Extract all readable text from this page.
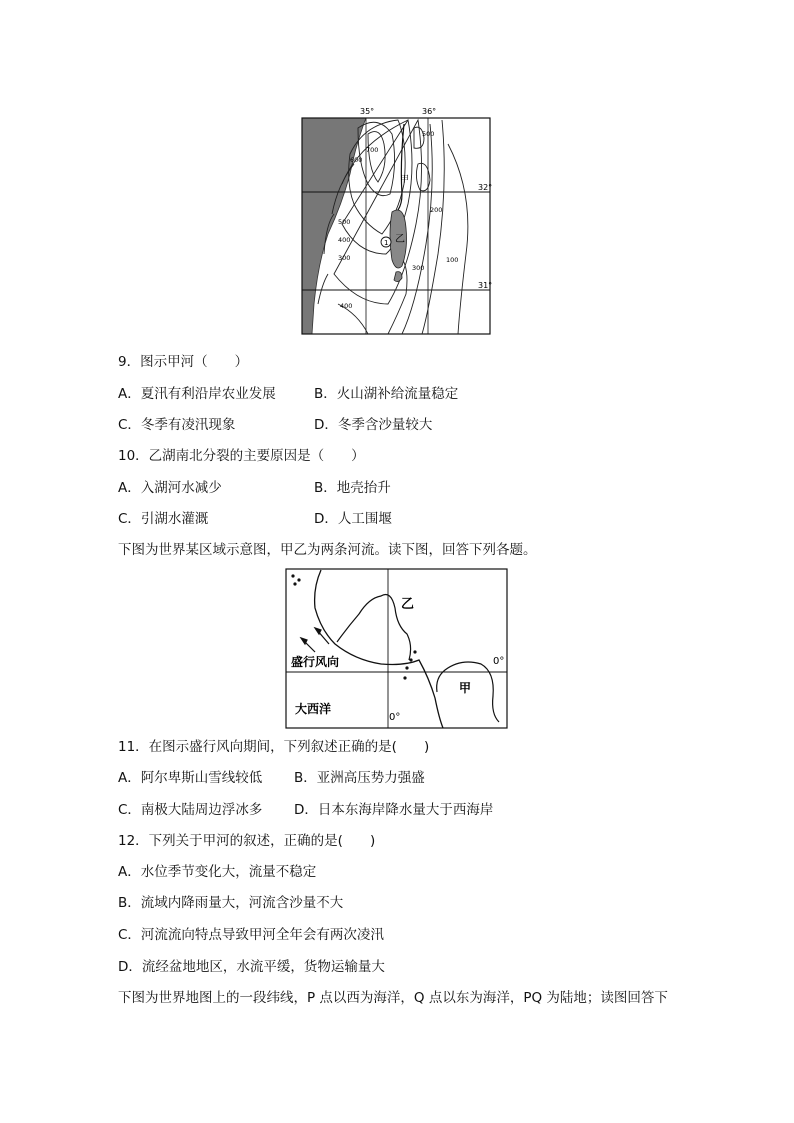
35°	36°
32°
31°
700
600
500
200
500
400
300
300
100
400
甲
乙
1
9．图示甲河（　　）
A．夏汛有利沿岸农业发展	B．火山湖补给流量稳定
C．冬季有凌汛现象	D．冬季含沙量较大
10．乙湖南北分裂的主要原因是（　　）
A．入湖河水减少	B．地壳抬升
C．引湖水灌溉	D．人工围堰
下图为世界某区域示意图，甲乙为两条河流。读下图，回答下列各题。
乙
甲
盛行风向
大西洋
0°
0°
11．在图示盛行风向期间，下列叙述正确的是(　　)
A．阿尔卑斯山雪线较低 B．亚洲高压势力强盛
C．南极大陆周边浮冰多 D．日本东海岸降水量大于西海岸
12．下列关于甲河的叙述，正确的是(　　)
A．水位季节变化大，流量不稳定
B．流域内降雨量大，河流含沙量不大
C．河流流向特点导致甲河全年会有两次凌汛
D．流经盆地地区，水流平缓，货物运输量大
下图为世界地图上的一段纬线，P 点以西为海洋，Q 点以东为海洋，PQ 为陆地；读图回答下
